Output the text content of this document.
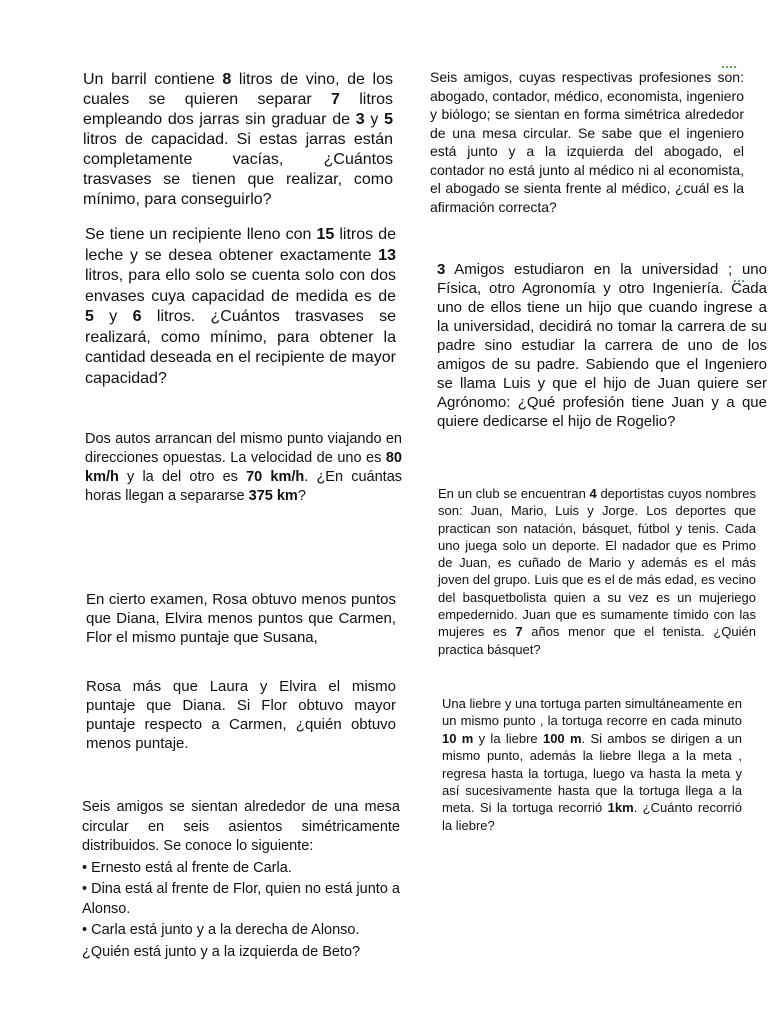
Un barril contiene 8 litros de vino, de los cuales se quieren separar 7 litros empleando dos jarras sin graduar de 3 y 5 litros de capacidad. Si estas jarras están completamente vacías, ¿Cuántos trasvases se tienen que realizar, como mínimo, para conseguirlo?
Se tiene un recipiente lleno con 15 litros de leche y se desea obtener exactamente 13 litros, para ello solo se cuenta solo con dos envases cuya capacidad de medida es de 5 y 6 litros. ¿Cuántos trasvases se realizará, como mínimo, para obtener la cantidad deseada en el recipiente de mayor capacidad?
Dos autos arrancan del mismo punto viajando en direcciones opuestas. La velocidad de uno es 80 km/h y la del otro es 70 km/h. ¿En cuántas horas llegan a separarse 375 km?
En cierto examen, Rosa obtuvo menos puntos que Diana, Elvira menos puntos que Carmen, Flor el mismo puntaje que Susana,
Rosa más que Laura y Elvira el mismo puntaje que Diana. Si Flor obtuvo mayor puntaje respecto a Carmen, ¿quién obtuvo menos puntaje.

Seis amigos se sientan alrededor de una mesa circular en seis asientos simétricamente distribuidos. Se conoce lo siguiente:

• Ernesto está al frente de Carla.

• Dina está al frente de Flor, quien no está junto a Alonso.

• Carla está junto y a la derecha de Alonso.

¿Quién está junto y a la izquierda de Beto?

Seis amigos, cuyas respectivas profesiones son: abogado, contador, médico, economista, ingeniero y biólogo; se sientan en forma simétrica alrededor de una mesa circular. Se sabe que el ingeniero está junto y a la izquierda del abogado, el contador no está junto al médico ni al economista, el abogado se sienta frente al médico, ¿cuál es la afirmación correcta?
3 Amigos estudiaron en la universidad ; uno Física, otro Agronomía y otro Ingeniería. Cada uno de ellos tiene un hijo que cuando ingrese a la universidad, decidirá no tomar la carrera de su padre sino estudiar la carrera de uno de los amigos de su padre. Sabiendo que el Ingeniero se llama Luis y que el hijo de Juan quiere ser Agrónomo: ¿Qué profesión tiene Juan y a que quiere dedicarse el hijo de Rogelio?
En un club se encuentran 4 deportistas cuyos nombres son: Juan, Mario, Luis y Jorge. Los deportes que practican son natación, básquet, fútbol y tenis. Cada uno juega solo un deporte. El nadador que es Primo de Juan, es cuñado de Mario y además es el más joven del grupo. Luis que es el de más edad, es vecino del basquetbolista quien a su vez es un mujeriego empedernido. Juan que es sumamente tímido con las mujeres es 7 años menor que el tenista. ¿Quién practica básquet?
Una liebre y una tortuga parten simultáneamente en un mismo punto , la tortuga recorre en cada minuto 10 m y la liebre 100 m. Si ambos se dirigen a un mismo punto, además la liebre llega a la meta , regresa hasta la tortuga, luego va hasta la meta y así sucesivamente hasta que la tortuga llega a la meta. Si la tortuga recorrió 1km. ¿Cuánto recorrió la liebre?
